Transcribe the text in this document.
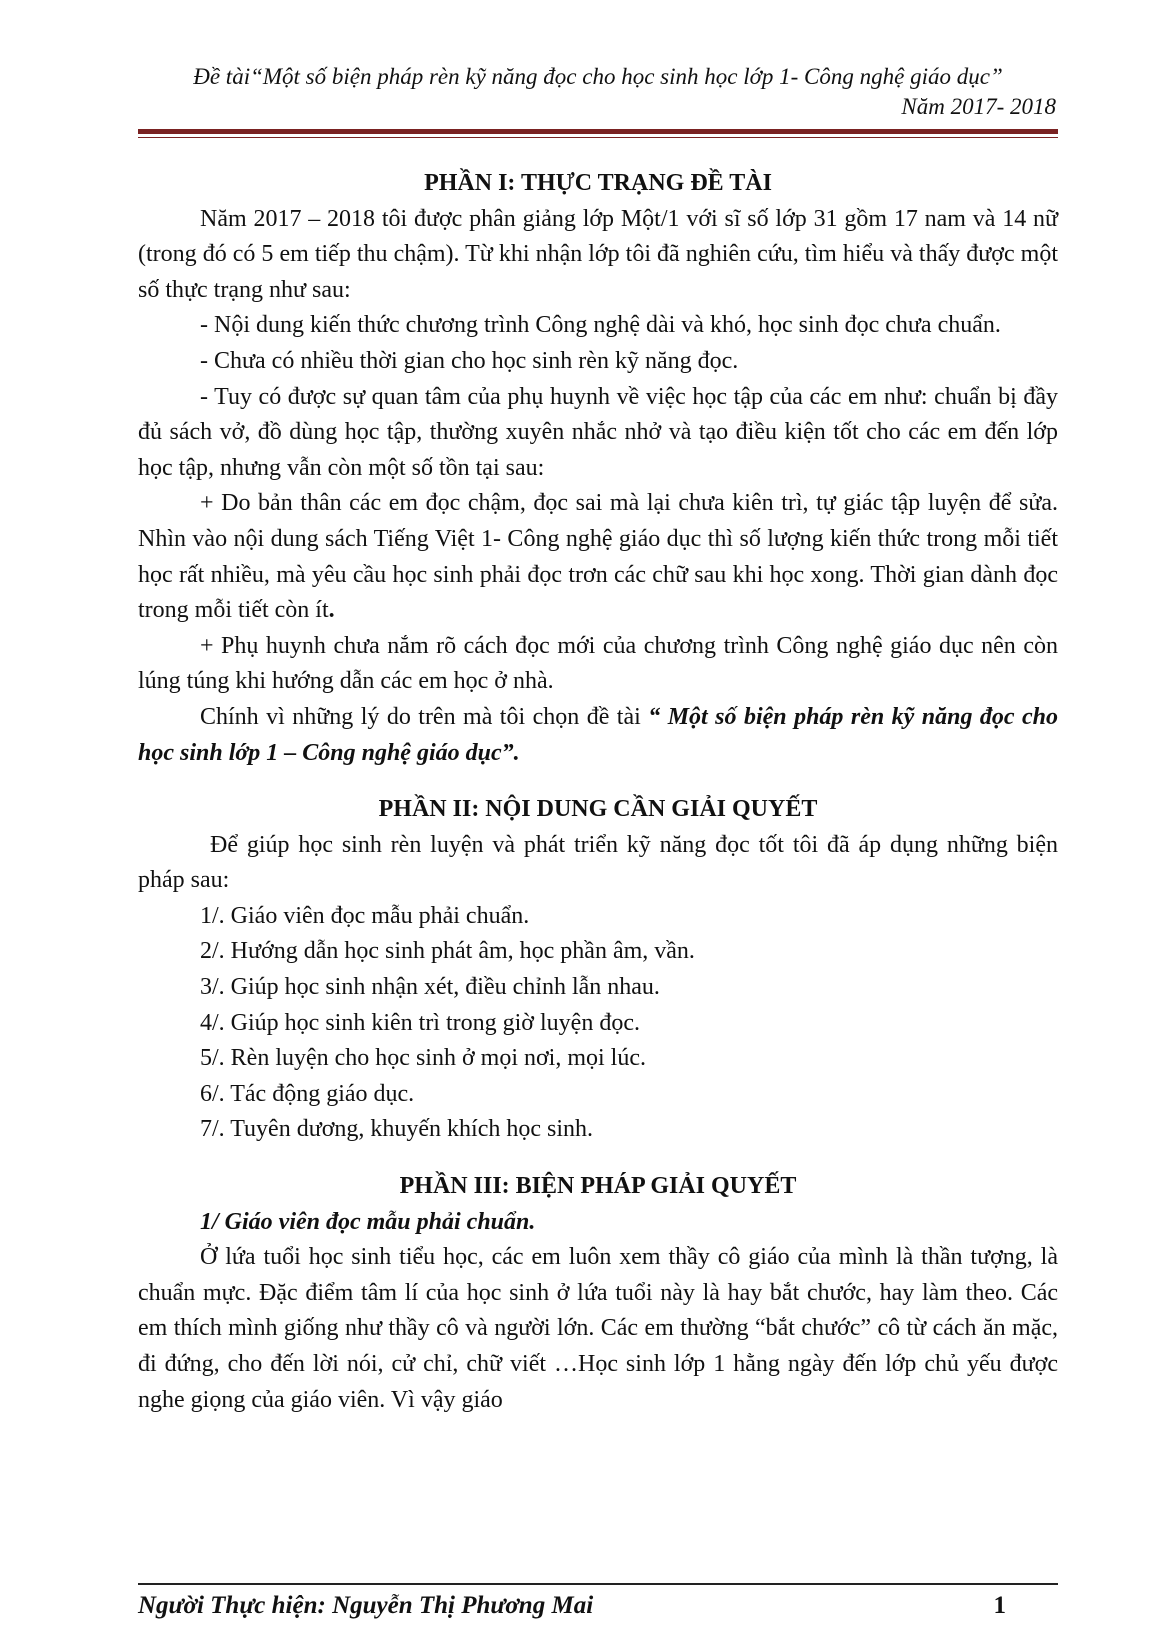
Đề tài“Một số biện pháp rèn kỹ năng đọc cho học sinh học lớp 1- Công nghệ giáo dục”
Năm 2017- 2018
PHẦN I: THỰC TRẠNG ĐỀ TÀI

Năm 2017 – 2018 tôi được phân giảng lớp Một/1 với sĩ số lớp 31 gồm 17 nam và 14 nữ (trong đó có 5 em tiếp thu chậm). Từ khi nhận lớp tôi đã nghiên cứu, tìm hiểu và thấy được một số thực trạng như sau:

- Nội dung kiến thức chương trình Công nghệ dài và khó, học sinh đọc chưa chuẩn.

- Chưa có nhiều thời gian cho học sinh rèn kỹ năng đọc.

- Tuy có được sự quan tâm của phụ huynh về việc học tập của các em như: chuẩn bị đầy đủ sách vở, đồ dùng học tập, thường xuyên nhắc nhở và tạo điều kiện tốt cho các em đến lớp học tập, nhưng vẫn còn một số tồn tại sau:

+ Do bản thân các em đọc chậm, đọc sai mà lại chưa kiên trì, tự giác tập luyện để sửa. Nhìn vào nội dung sách Tiếng Việt 1- Công nghệ giáo dục thì số lượng kiến thức trong mỗi tiết học rất nhiều, mà yêu cầu học sinh phải đọc trơn các chữ sau khi học xong. Thời gian dành đọc trong mỗi tiết còn ít.

+ Phụ huynh chưa nắm rõ cách đọc mới của chương trình Công nghệ giáo dục nên còn lúng túng khi hướng dẫn các em học ở nhà.

Chính vì những lý do trên mà tôi chọn đề tài “ Một số biện pháp rèn kỹ năng đọc cho học sinh lớp 1 – Công nghệ giáo dục”.

PHẦN II: NỘI DUNG CẦN GIẢI QUYẾT

Để giúp học sinh rèn luyện và phát triển kỹ năng đọc tốt tôi đã áp dụng những biện pháp sau:

1/. Giáo viên đọc mẫu phải chuẩn.
2/. Hướng dẫn học sinh phát âm, học phần âm, vần.
3/. Giúp học sinh nhận xét, điều chỉnh lẫn nhau.
4/. Giúp học sinh kiên trì trong giờ luyện đọc.
5/. Rèn luyện cho học sinh ở mọi nơi, mọi lúc.
6/. Tác động giáo dục.
7/. Tuyên dương, khuyến khích học sinh.
PHẦN III: BIỆN PHÁP GIẢI QUYẾT
1/ Giáo viên đọc mẫu phải chuẩn.

Ở lứa tuổi học sinh tiểu học, các em luôn xem thầy cô giáo của mình là thần tượng, là chuẩn mực. Đặc điểm tâm lí của học sinh ở lứa tuổi này là hay bắt chước, hay làm theo. Các em thích mình giống như thầy cô và người lớn. Các em thường “bắt chước” cô từ cách ăn mặc, đi đứng, cho đến lời nói, cử chỉ, chữ viết …Học sinh lớp 1 hằng ngày đến lớp chủ yếu được nghe giọng của giáo viên. Vì vậy giáo

Người Thực hiện: Nguyễn Thị Phương Mai	1
